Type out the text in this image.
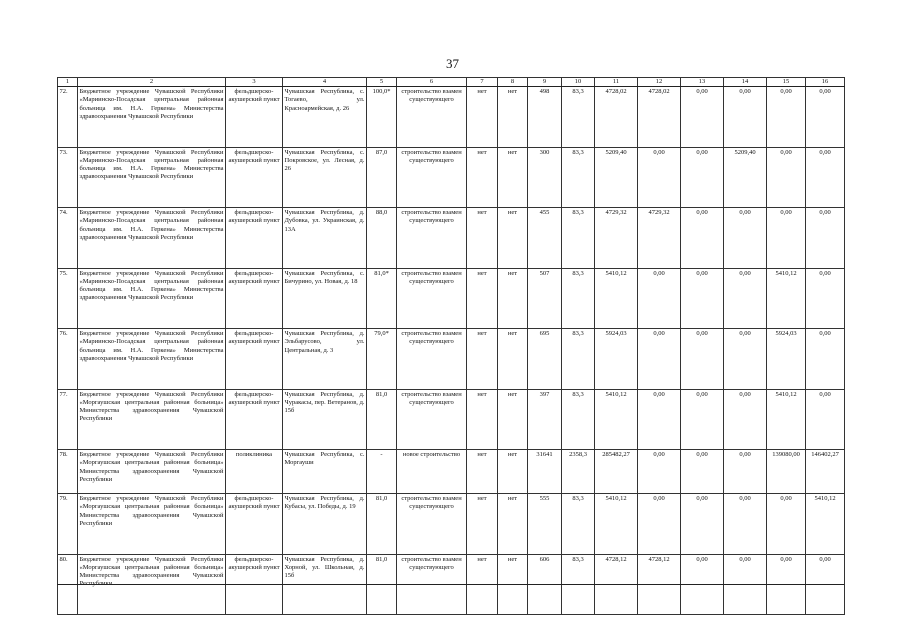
37
1	2	3	4	5	6	7	8	9	10	11	12	13	14	15	16
72.	Бюджетное учреждение Чувашской Республики «Мариинско-Посадская центральная районная больница им. Н.А. Геркена» Министерства здравоохранения Чувашской Республики	фельдшерско-акушерский пункт	Чувашская Республика, с. Тогаево, ул. Красноармейская, д. 26	100,0*	строительство взамен существующего	нет	нет	498	83,3	4728,02	4728,02	0,00	0,00	0,00	0,00
73.	Бюджетное учреждение Чувашской Республики «Мариинско-Посадская центральная районная больница им. Н.А. Геркена» Министерства здравоохранения Чувашской Республики	фельдшерско-акушерский пункт	Чувашская Республика, с. Покровское, ул. Лесная, д. 26	87,0	строительство взамен существующего	нет	нет	300	83,3	5209,40	0,00	0,00	5209,40	0,00	0,00
74.	Бюджетное учреждение Чувашской Республики «Мариинско-Посадская центральная районная больница им. Н.А. Геркена» Министерства здравоохранения Чувашской Республики	фельдшерско-акушерский пункт	Чувашская Республика, д. Дубовка, ул. Украинская, д. 13А	88,0	строительство взамен существующего	нет	нет	455	83,3	4729,32	4729,32	0,00	0,00	0,00	0,00
75.	Бюджетное учреждение Чувашской Республики «Мариинско-Посадская центральная районная больница им. Н.А. Геркена» Министерства здравоохранения Чувашской Республики	фельдшерско-акушерский пункт	Чувашская Республика, с. Бичурино, ул. Новая, д. 18	81,0*	строительство взамен существующего	нет	нет	507	83,3	5410,12	0,00	0,00	0,00	5410,12	0,00
76.	Бюджетное учреждение Чувашской Республики «Мариинско-Посадская центральная районная больница им. Н.А. Геркена» Министерства здравоохранения Чувашской Республики	фельдшерско-акушерский пункт	Чувашская Республика, д. Эльбарусово, ул. Центральная, д. 3	79,0*	строительство взамен существующего	нет	нет	695	83,3	5924,03	0,00	0,00	0,00	5924,03	0,00
77.	Бюджетное учреждение Чувашской Республики «Моргаушская центральная районная больница» Министерства здравоохранения Чувашской Республики	фельдшерско-акушерский пункт	Чувашская Республика, д. Чуракасы, пер. Ветеранов, д. 15б	81,0	строительство взамен существующего	нет	нет	397	83,3	5410,12	0,00	0,00	0,00	5410,12	0,00
78.	Бюджетное учреждение Чувашской Республики «Моргаушская центральная районная больница» Министерства здравоохранения Чувашской Республики	поликлиника	Чувашская Республика, с. Моргауши	-	новое строительство	нет	нет	31641	2358,3	285482,27	0,00	0,00	0,00	139080,00	146402,27
79.	Бюджетное учреждение Чувашской Республики «Моргаушская центральная районная больница» Министерства здравоохранения Чувашской Республики	фельдшерско-акушерский пункт	Чувашская Республика, д. Кубасы, ул. Победы, д. 19	81,0	строительство взамен существующего	нет	нет	555	83,3	5410,12	0,00	0,00	0,00	0,00	5410,12
80.	Бюджетное учреждение Чувашской Республики «Моргаушская центральная районная больница» Министерства здравоохранения Чувашской Республики	фельдшерско-акушерский пункт	Чувашская Республика, д. Хорной, ул. Школьная, д. 15б	81,0	строительство взамен существующего	нет	нет	606	83,3	4728,12	4728,12	0,00	0,00	0,00	0,00
